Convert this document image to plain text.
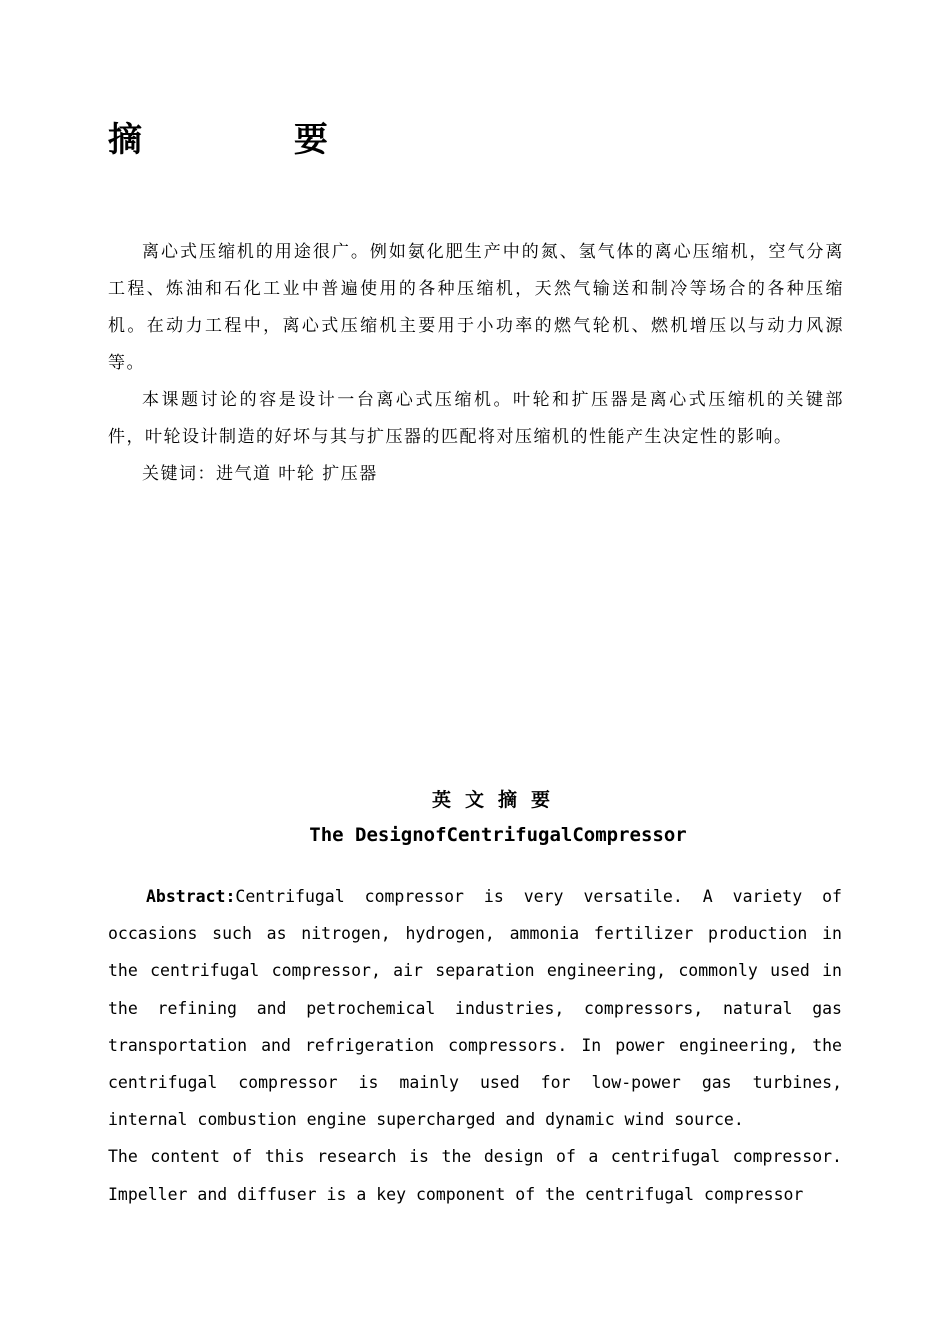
摘 要

离心式压缩机的用途很广。例如氨化肥生产中的氮、氢气体的离心压缩机，空气分离工程、炼油和石化工业中普遍使用的各种压缩机，天然气输送和制冷等场合的各种压缩机。在动力工程中，离心式压缩机主要用于小功率的燃气轮机、燃机增压以与动力风源等。

本课题讨论的容是设计一台离心式压缩机。叶轮和扩压器是离心式压缩机的关键部件，叶轮设计制造的好坏与其与扩压器的匹配将对压缩机的性能产生决定性的影响。

关键词：进气道 叶轮 扩压器

英文摘要
The DesignofCentrifugalCompressor

Abstract:Centrifugal compressor is very versatile. A variety of occasions such as nitrogen, hydrogen, ammonia fertilizer production in the centrifugal compressor, air separation engineering, commonly used in the refining and petrochemical industries, compressors, natural gas transportation and refrigeration compressors. In power engineering, the centrifugal compressor is mainly used for low-power gas turbines, internal combustion engine supercharged and dynamic wind source.

The content of this research is the design of a centrifugal compressor. Impeller and diffuser is a key component of the centrifugal compressor
